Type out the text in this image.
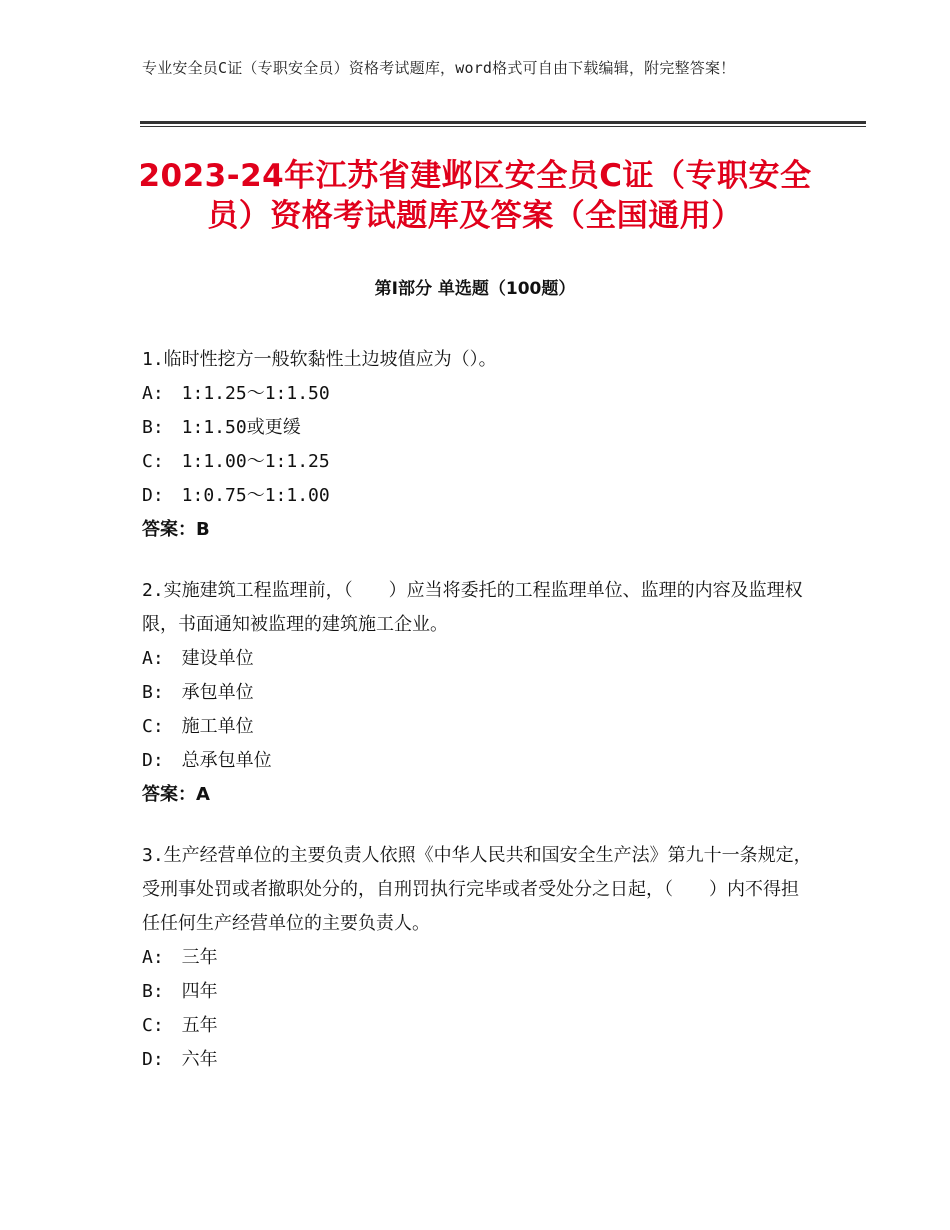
专业安全员C证（专职安全员）资格考试题库，word格式可自由下载编辑，附完整答案！
2023-24年江苏省建邺区安全员C证（专职安全员）资格考试题库及答案（全国通用）
第Ⅰ部分 单选题（100题）
1.临时性挖方一般软黏性土边坡值应为（）。
A:　1:1.25～1:1.50
B:　1:1.50或更缓
C:　1:1.00～1:1.25
D:　1:0.75～1:1.00
答案：B
2.实施建筑工程监理前，（　　）应当将委托的工程监理单位、监理的内容及监理权限，书面通知被监理的建筑施工企业。
A:　建设单位
B:　承包单位
C:　施工单位
D:　总承包单位
答案：A
3.生产经营单位的主要负责人依照《中华人民共和国安全生产法》第九十一条规定，受刑事处罚或者撤职处分的，自刑罚执行完毕或者受处分之日起，（　　）内不得担任任何生产经营单位的主要负责人。
A:　三年
B:　四年
C:　五年
D:　六年
